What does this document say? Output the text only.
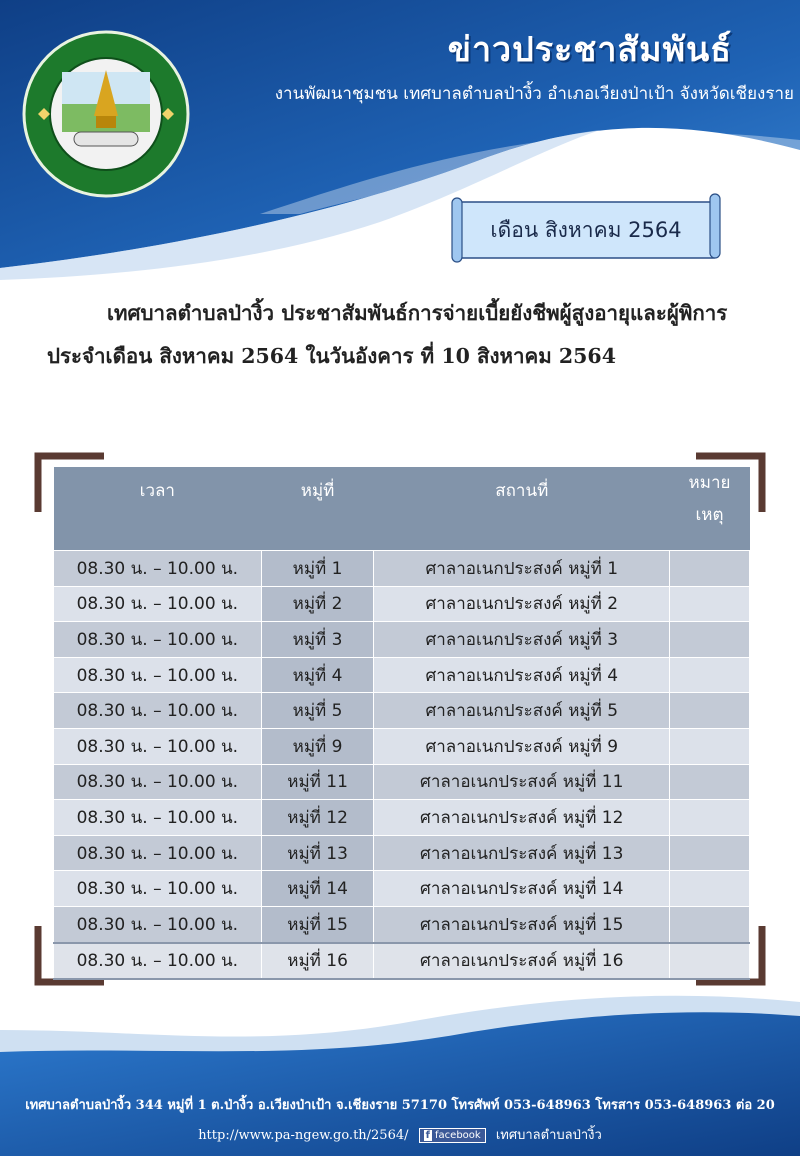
ข่าวประชาสัมพันธ์
งานพัฒนาชุมชน เทศบาลตำบลป่างิ้ว อำเภอเวียงป่าเป้า จังหวัดเชียงราย
เดือน สิงหาคม 2564

เทศบาลตำบลป่างิ้ว ประชาสัมพันธ์การจ่ายเบี้ยยังชีพผู้สูงอายุและผู้พิการ ประจำเดือน สิงหาคม 2564 ในวันอังคาร ที่ 10 สิงหาคม 2564

เวลา	หมู่ที่	สถานที่	หมายเหตุ
08.30 น. – 10.00 น.	หมู่ที่ 1	ศาลาอเนกประสงค์ หมู่ที่ 1	
08.30 น. – 10.00 น.	หมู่ที่ 2	ศาลาอเนกประสงค์ หมู่ที่ 2	
08.30 น. – 10.00 น.	หมู่ที่ 3	ศาลาอเนกประสงค์ หมู่ที่ 3	
08.30 น. – 10.00 น.	หมู่ที่ 4	ศาลาอเนกประสงค์ หมู่ที่ 4	
08.30 น. – 10.00 น.	หมู่ที่ 5	ศาลาอเนกประสงค์ หมู่ที่ 5	
08.30 น. – 10.00 น.	หมู่ที่ 9	ศาลาอเนกประสงค์ หมู่ที่ 9	
08.30 น. – 10.00 น.	หมู่ที่ 11	ศาลาอเนกประสงค์ หมู่ที่ 11	
08.30 น. – 10.00 น.	หมู่ที่ 12	ศาลาอเนกประสงค์ หมู่ที่ 12	
08.30 น. – 10.00 น.	หมู่ที่ 13	ศาลาอเนกประสงค์ หมู่ที่ 13	
08.30 น. – 10.00 น.	หมู่ที่ 14	ศาลาอเนกประสงค์ หมู่ที่ 14	
08.30 น. – 10.00 น.	หมู่ที่ 15	ศาลาอเนกประสงค์ หมู่ที่ 15	
08.30 น. – 10.00 น.	หมู่ที่ 16	ศาลาอเนกประสงค์ หมู่ที่ 16	
เทศบาลตำบลป่างิ้ว 344 หมู่ที่ 1 ต.ป่างิ้ว อ.เวียงป่าเป้า จ.เชียงราย 57170 โทรศัพท์ 053-648963 โทรสาร 053-648963 ต่อ 20
http://www.pa-ngew.go.th/2564/ f facebook เทศบาลตำบลป่างิ้ว
